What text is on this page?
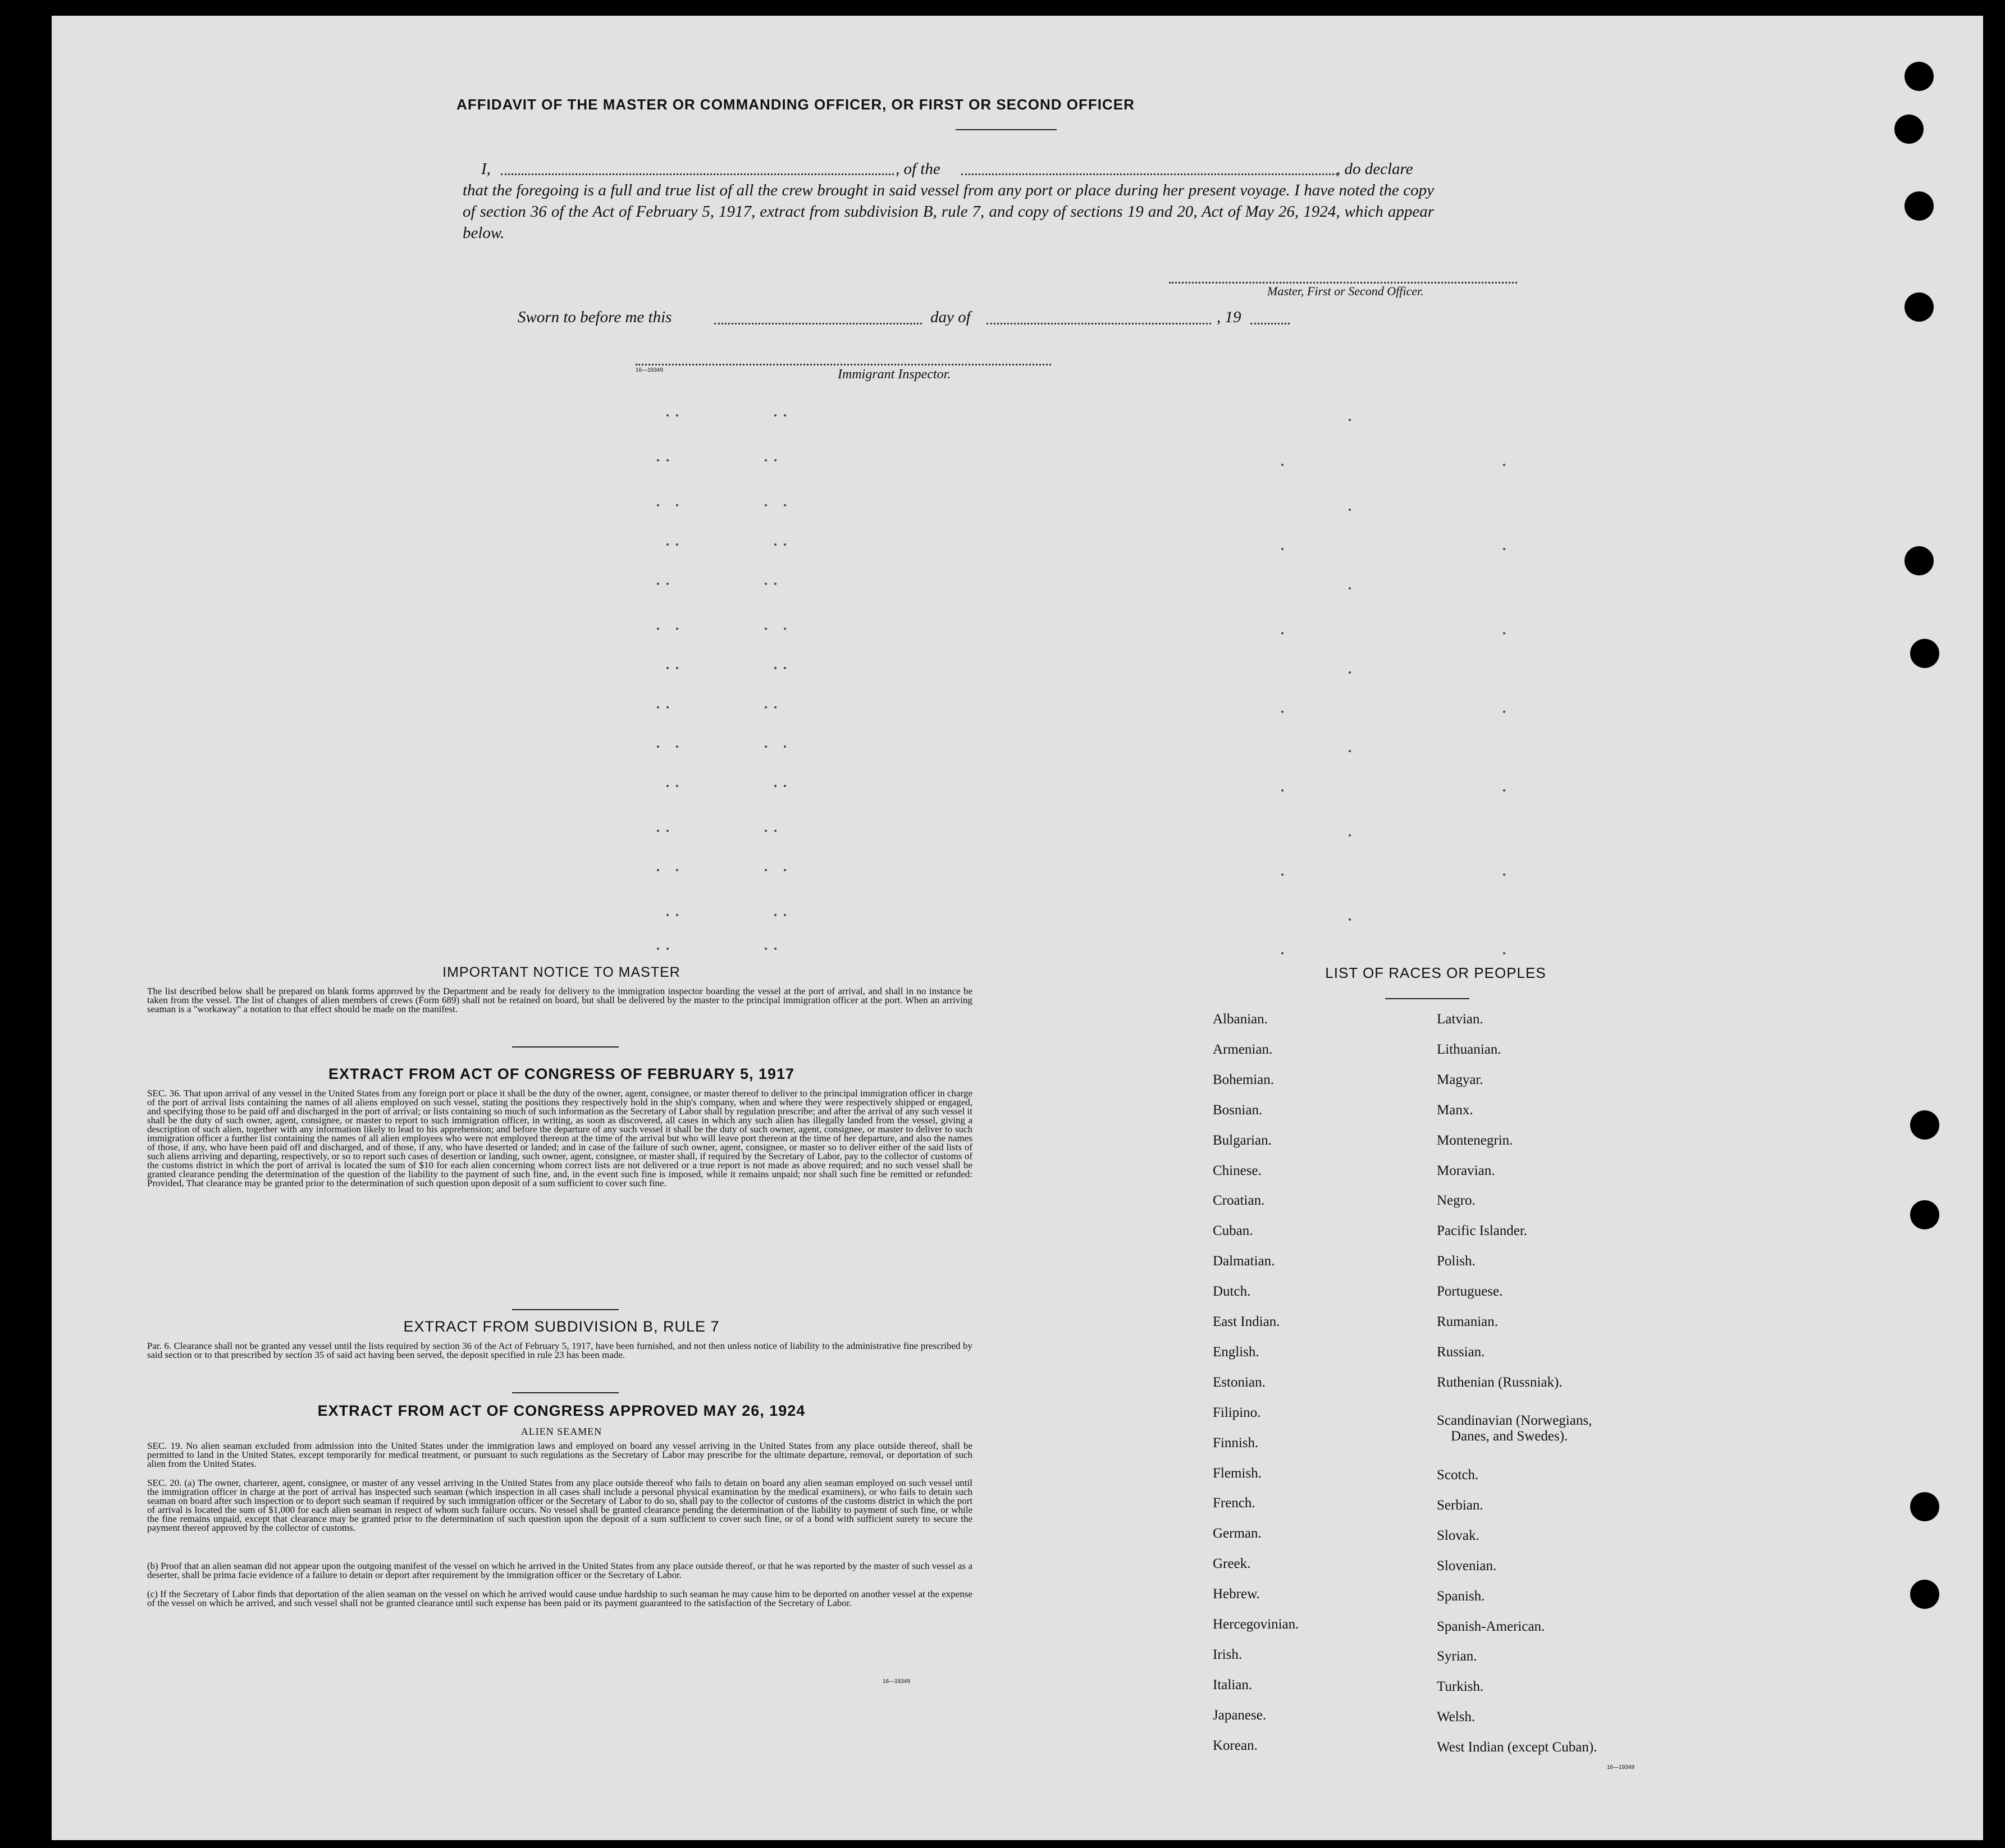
AFFIDAVIT OF THE MASTER OR COMMANDING OFFICER, OR FIRST OR SECOND OFFICER
I,	, of the	, do declare

that the foregoing is a full and true list of all the crew brought in said vessel from any port or place during her present voyage. I have noted the copy of section 36 of the Act of February 5, 1917, extract from subdivision B, rule 7, and copy of sections 19 and 20, Act of May 26, 1924, which appear below.

Master, First or Second Officer.
Sworn to before me this	day of	, 19
16—19349	Immigrant Inspector.
IMPORTANT NOTICE TO MASTER

The list described below shall be prepared on blank forms approved by the Department and be ready for delivery to the immigration inspector boarding the vessel at the port of arrival, and shall in no instance be taken from the vessel. The list of changes of alien members of crews (Form 689) shall not be retained on board, but shall be delivered by the master to the principal immigration officer at the port. When an arriving seaman is a "workaway" a notation to that effect should be made on the manifest.

EXTRACT FROM ACT OF CONGRESS OF FEBRUARY 5, 1917

SEC. 36. That upon arrival of any vessel in the United States from any foreign port or place it shall be the duty of the owner, agent, consignee, or master thereof to deliver to the principal immigration officer in charge of the port of arrival lists containing the names of all aliens employed on such vessel, stating the positions they respectively hold in the ship's company, when and where they were respectively shipped or engaged, and specifying those to be paid off and discharged in the port of arrival; or lists containing so much of such information as the Secretary of Labor shall by regulation prescribe; and after the arrival of any such vessel it shall be the duty of such owner, agent, consignee, or master to report to such immigration officer, in writing, as soon as discovered, all cases in which any such alien has illegally landed from the vessel, giving a description of such alien, together with any information likely to lead to his apprehension; and before the departure of any such vessel it shall be the duty of such owner, agent, consignee, or master to deliver to such immigration officer a further list containing the names of all alien employees who were not employed thereon at the time of the arrival but who will leave port thereon at the time of her departure, and also the names of those, if any, who have been paid off and discharged, and of those, if any, who have deserted or landed; and in case of the failure of such owner, agent, consignee, or master so to deliver either of the said lists of such aliens arriving and departing, respectively, or so to report such cases of desertion or landing, such owner, agent, consignee, or master shall, if required by the Secretary of Labor, pay to the collector of customs of the customs district in which the port of arrival is located the sum of $10 for each alien concerning whom correct lists are not delivered or a true report is not made as above required; and no such vessel shall be granted clearance pending the determination of the question of the liability to the payment of such fine, and, in the event such fine is imposed, while it remains unpaid; nor shall such fine be remitted or refunded: Provided, That clearance may be granted prior to the determination of such question upon deposit of a sum sufficient to cover such fine.

EXTRACT FROM SUBDIVISION B, RULE 7

Par. 6. Clearance shall not be granted any vessel until the lists required by section 36 of the Act of February 5, 1917, have been furnished, and not then unless notice of liability to the administrative fine prescribed by said section or to that prescribed by section 35 of said act having been served, the deposit specified in rule 23 has been made.

EXTRACT FROM ACT OF CONGRESS APPROVED MAY 26, 1924
ALIEN SEAMEN

SEC. 19. No alien seaman excluded from admission into the United States under the immigration laws and employed on board any vessel arriving in the United States from any place outside thereof, shall be permitted to land in the United States, except temporarily for medical treatment, or pursuant to such regulations as the Secretary of Labor may prescribe for the ultimate departure, removal, or deportation of such alien from the United States.

SEC. 20. (a) The owner, charterer, agent, consignee, or master of any vessel arriving in the United States from any place outside thereof who fails to detain on board any alien seaman employed on such vessel until the immigration officer in charge at the port of arrival has inspected such seaman (which inspection in all cases shall include a personal physical examination by the medical examiners), or who fails to detain such seaman on board after such inspection or to deport such seaman if required by such immigration officer or the Secretary of Labor to do so, shall pay to the collector of customs of the customs district in which the port of arrival is located the sum of $1,000 for each alien seaman in respect of whom such failure occurs. No vessel shall be granted clearance pending the determination of the liability to payment of such fine, or while the fine remains unpaid, except that clearance may be granted prior to the determination of such question upon the deposit of a sum sufficient to cover such fine, or of a bond with sufficient surety to secure the payment thereof approved by the collector of customs.

(b) Proof that an alien seaman did not appear upon the outgoing manifest of the vessel on which he arrived in the United States from any place outside thereof, or that he was reported by the master of such vessel as a deserter, shall be prima facie evidence of a failure to detain or deport after requirement by the immigration officer or the Secretary of Labor.

(c) If the Secretary of Labor finds that deportation of the alien seaman on the vessel on which he arrived would cause undue hardship to such seaman he may cause him to be deported on another vessel at the expense of the vessel on which he arrived, and such vessel shall not be granted clearance until such expense has been paid or its payment guaranteed to the satisfaction of the Secretary of Labor.

16—19349
LIST OF RACES OR PEOPLES
Albanian.
Armenian.
Bohemian.
Bosnian.
Bulgarian.
Chinese.
Croatian.
Cuban.
Dalmatian.
Dutch.
East Indian.
English.
Estonian.
Filipino.
Finnish.
Flemish.
French.
German.
Greek.
Hebrew.
Hercegovinian.
Irish.
Italian.
Japanese.
Korean.
Latvian.
Lithuanian.
Magyar.
Manx.
Montenegrin.
Moravian.
Negro.
Pacific Islander.
Polish.
Portuguese.
Rumanian.
Russian.
Ruthenian (Russniak).
Scotch.
Serbian.
Slovak.
Slovenian.
Spanish.
Spanish-American.
Syrian.
Turkish.
Welsh.
West Indian (except Cuban).
Scandinavian (Norwegians,
Danes, and Swedes).
16—19349
